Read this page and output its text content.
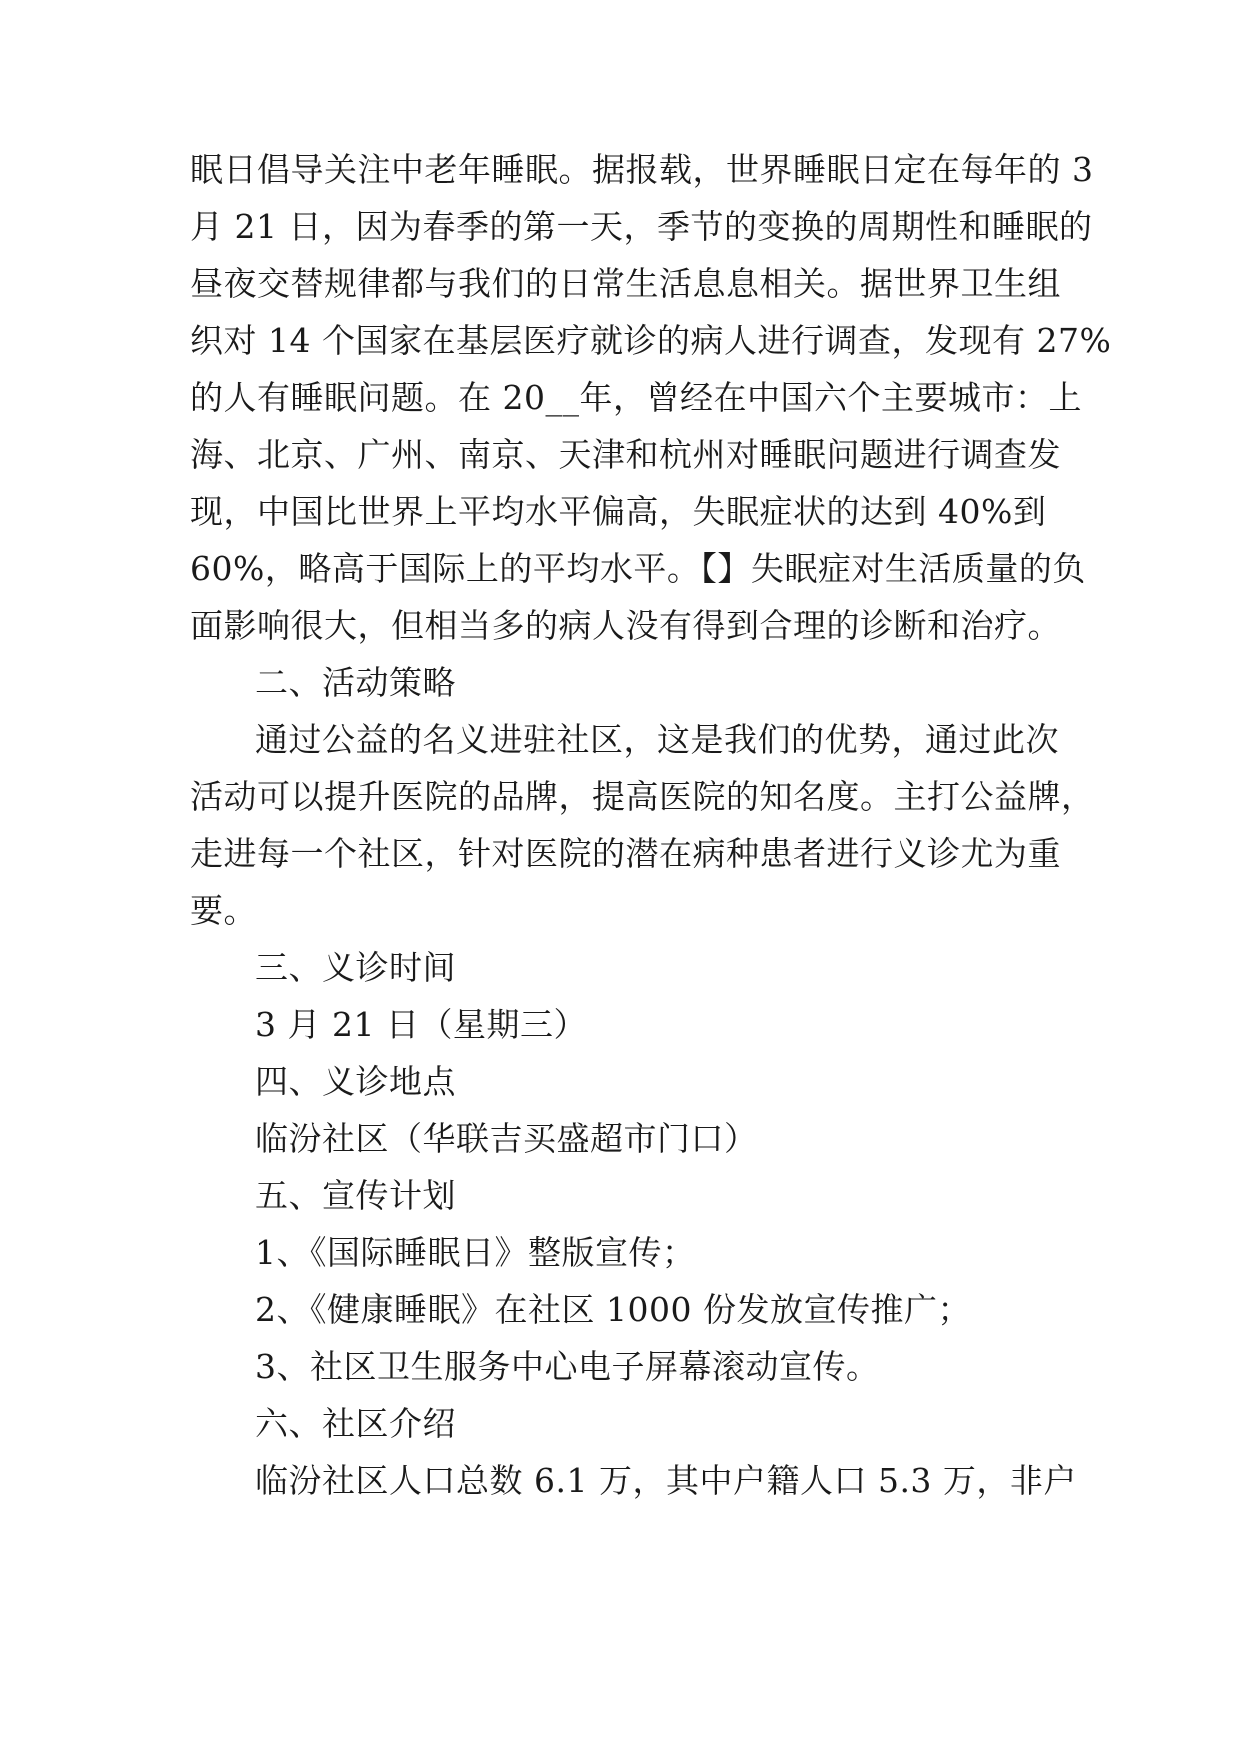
眠日倡导关注中老年睡眠。据报载，世界睡眠日定在每年的 3
月 21 日，因为春季的第一天，季节的变换的周期性和睡眠的
昼夜交替规律都与我们的日常生活息息相关。据世界卫生组
织对 14 个国家在基层医疗就诊的病人进行调查，发现有 27%
的人有睡眠问题。在 20__年，曾经在中国六个主要城市：上
海、北京、广州、南京、天津和杭州对睡眠问题进行调查发
现，中国比世界上平均水平偏高，失眠症状的达到 40%到
60%，略高于国际上的平均水平。【】失眠症对生活质量的负
面影响很大，但相当多的病人没有得到合理的诊断和治疗。
二、活动策略
通过公益的名义进驻社区，这是我们的优势，通过此次
活动可以提升医院的品牌，提高医院的知名度。主打公益牌，
走进每一个社区，针对医院的潜在病种患者进行义诊尤为重
要。
三、义诊时间
3 月 21 日（星期三）
四、义诊地点
临汾社区（华联吉买盛超市门口）
五、宣传计划
1、《国际睡眠日》整版宣传；
2、《健康睡眠》在社区 1000 份发放宣传推广；
3、社区卫生服务中心电子屏幕滚动宣传。
六、社区介绍
临汾社区人口总数 6.1 万，其中户籍人口 5.3 万，非户
